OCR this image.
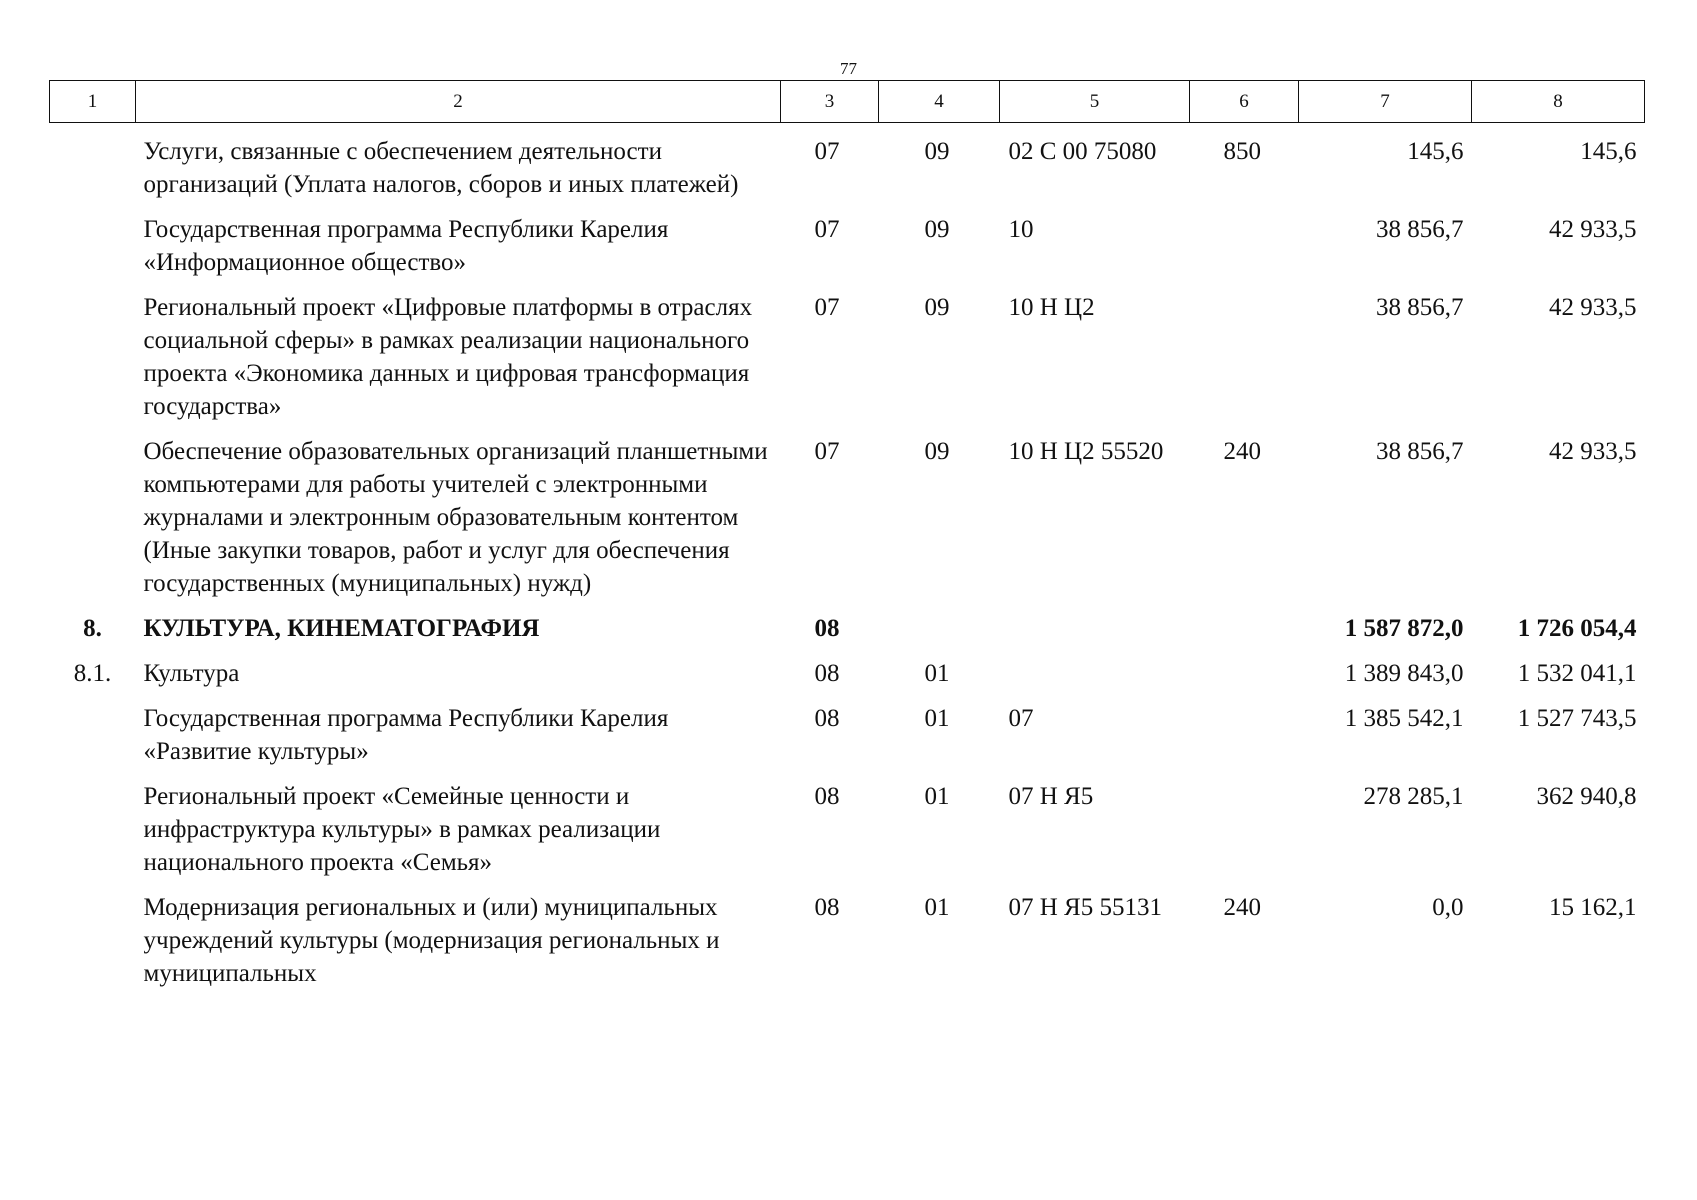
77
1	2	3	4	5	6	7	8
	Услуги, связанные с обеспечением деятельности организаций (Уплата налогов, сборов и иных платежей)	07	09	02 С 00 75080	850	145,6	145,6
	Государственная программа Республики Карелия «Информационное общество»	07	09	10		38 856,7	42 933,5
	Региональный проект «Цифровые платформы в отраслях социальной сферы» в рамках реализации национального проекта «Экономика данных и цифровая трансформация государства»	07	09	10 Н Ц2		38 856,7	42 933,5
	Обеспечение образовательных организаций планшетными компьютерами для работы учителей с электронными журналами и электронным образовательным контентом (Иные закупки товаров, работ и услуг для обеспечения государственных (муниципальных) нужд)	07	09	10 Н Ц2 55520	240	38 856,7	42 933,5
8.	КУЛЬТУРА, КИНЕМАТОГРАФИЯ	08				1 587 872,0	1 726 054,4
8.1.	Культура	08	01			1 389 843,0	1 532 041,1
	Государственная программа Республики Карелия «Развитие культуры»	08	01	07		1 385 542,1	1 527 743,5
	Региональный проект «Семейные ценности и инфраструктура культуры» в рамках реализации национального проекта «Семья»	08	01	07 Н Я5		278 285,1	362 940,8
	Модернизация региональных и (или) муниципальных учреждений культуры (модернизация региональных и муниципальных	08	01	07 Н Я5 55131	240	0,0	15 162,1
